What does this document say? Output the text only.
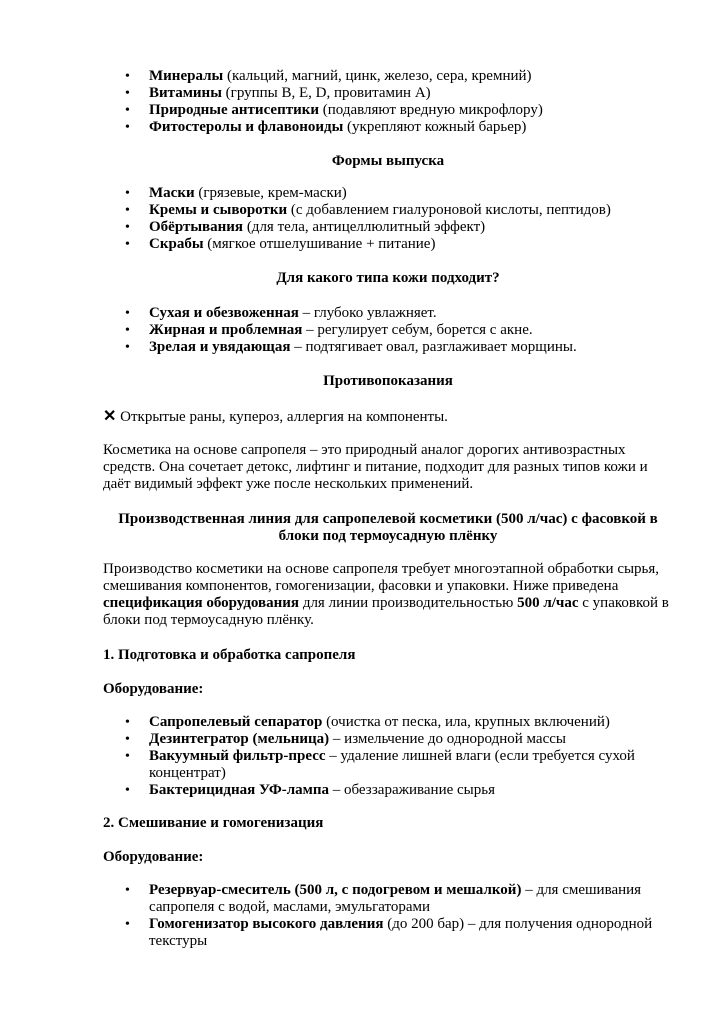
• Минералы (кальций, магний, цинк, железо, сера, кремний)
• Витамины (группы B, E, D, провитамин A)
• Природные антисептики (подавляют вредную микрофлору)
• Фитостеролы и флавоноиды (укрепляют кожный барьер)
Формы выпуска
• Маски (грязевые, крем-маски)
• Кремы и сыворотки (с добавлением гиалуроновой кислоты, пептидов)
• Обёртывания (для тела, антицеллюлитный эффект)
• Скрабы (мягкое отшелушивание + питание)
Для какого типа кожи подходит?
• Сухая и обезвоженная – глубоко увлажняет.
• Жирная и проблемная – регулирует себум, борется с акне.
• Зрелая и увядающая – подтягивает овал, разглаживает морщины.
Противопоказания

✕ Открытые раны, купероз, аллергия на компоненты.

Косметика на основе сапропеля – это природный аналог дорогих антивозрастных средств. Она сочетает детокс, лифтинг и питание, подходит для разных типов кожи и даёт видимый эффект уже после нескольких применений.

Производственная линия для сапропелевой косметики (500 л/час) с фасовкой в блоки под термоусадную плёнку

Производство косметики на основе сапропеля требует многоэтапной обработки сырья, смешивания компонентов, гомогенизации, фасовки и упаковки. Ниже приведена спецификация оборудования для линии производительностью 500 л/час с упаковкой в блоки под термоусадную плёнку.

1. Подготовка и обработка сапропеля

Оборудование:

• Сапропелевый сепаратор (очистка от песка, ила, крупных включений)
• Дезинтегратор (мельница) – измельчение до однородной массы
• Вакуумный фильтр-пресс – удаление лишней влаги (если требуется сухой концентрат)
• Бактерицидная УФ-лампа – обеззараживание сырья

2. Смешивание и гомогенизация

Оборудование:

• Резервуар-смеситель (500 л, с подогревом и мешалкой) – для смешивания сапропеля с водой, маслами, эмульгаторами
• Гомогенизатор высокого давления (до 200 бар) – для получения однородной текстуры
